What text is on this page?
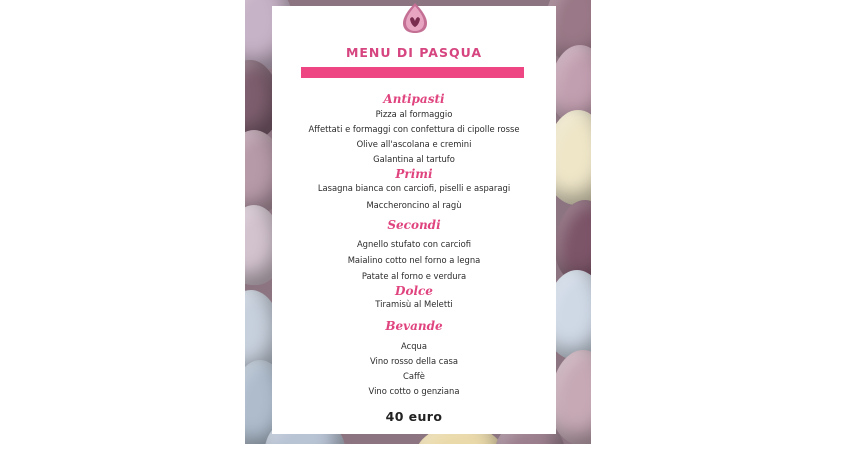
MENU DI PASQUA
Antipasti
Pizza al formaggio
Affettati e formaggi con confettura di cipolle rosse
Olive all'ascolana e cremini
Galantina al tartufo
Primi
Lasagna bianca con carciofi, piselli e asparagi
Maccheroncino al ragù
Secondi
Agnello stufato con carciofi
Maialino cotto nel forno a legna
Patate al forno e verdura
Dolce
Tiramisù al Meletti
Bevande
Acqua
Vino rosso della casa
Caffè
Vino cotto o genziana
40 euro
